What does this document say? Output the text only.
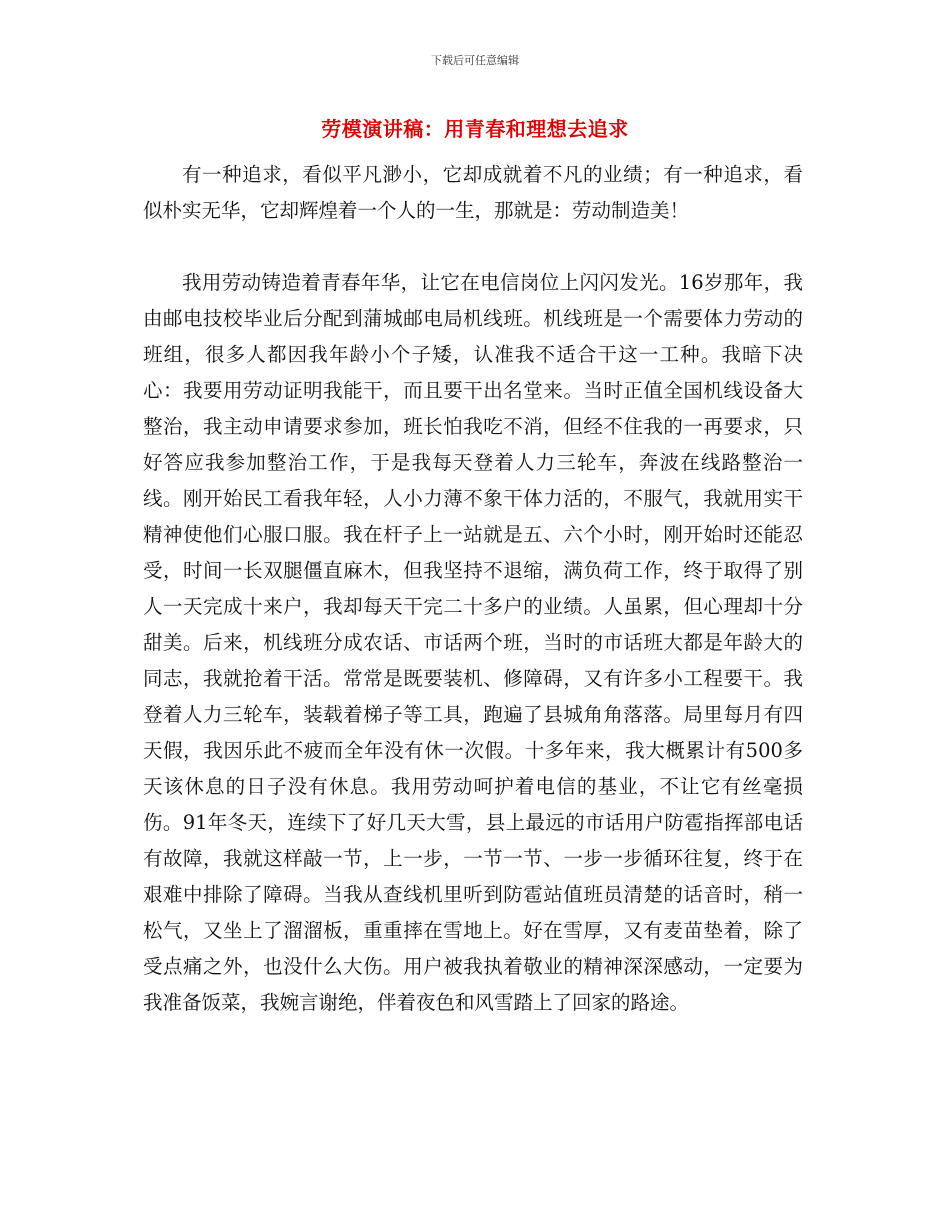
下载后可任意编辑
劳模演讲稿：用青春和理想去追求

有一种追求，看似平凡渺小，它却成就着不凡的业绩；有一种追求，看似朴实无华，它却辉煌着一个人的一生，那就是：劳动制造美！

我用劳动铸造着青春年华，让它在电信岗位上闪闪发光。16岁那年，我由邮电技校毕业后分配到蒲城邮电局机线班。机线班是一个需要体力劳动的班组，很多人都因我年龄小个子矮，认准我不适合干这一工种。我暗下决心：我要用劳动证明我能干，而且要干出名堂来。当时正值全国机线设备大整治，我主动申请要求参加，班长怕我吃不消，但经不住我的一再要求，只好答应我参加整治工作，于是我每天登着人力三轮车，奔波在线路整治一线。刚开始民工看我年轻，人小力薄不象干体力活的，不服气，我就用实干精神使他们心服口服。我在杆子上一站就是五、六个小时，刚开始时还能忍受，时间一长双腿僵直麻木，但我坚持不退缩，满负荷工作，终于取得了别人一天完成十来户，我却每天干完二十多户的业绩。人虽累，但心理却十分甜美。后来，机线班分成农话、市话两个班，当时的市话班大都是年龄大的同志，我就抢着干活。常常是既要装机、修障碍，又有许多小工程要干。我登着人力三轮车，装载着梯子等工具，跑遍了县城角角落落。局里每月有四天假，我因乐此不疲而全年没有休一次假。十多年来，我大概累计有500多天该休息的日子没有休息。我用劳动呵护着电信的基业，不让它有丝毫损伤。91年冬天，连续下了好几天大雪，县上最远的市话用户防雹指挥部电话有故障，我就这样敲一节，上一步，一节一节、一步一步循环往复，终于在艰难中排除了障碍。当我从查线机里听到防雹站值班员清楚的话音时，稍一松气，又坐上了溜溜板，重重摔在雪地上。好在雪厚，又有麦苗垫着，除了受点痛之外，也没什么大伤。用户被我执着敬业的精神深深感动，一定要为我准备饭菜，我婉言谢绝，伴着夜色和风雪踏上了回家的路途。
